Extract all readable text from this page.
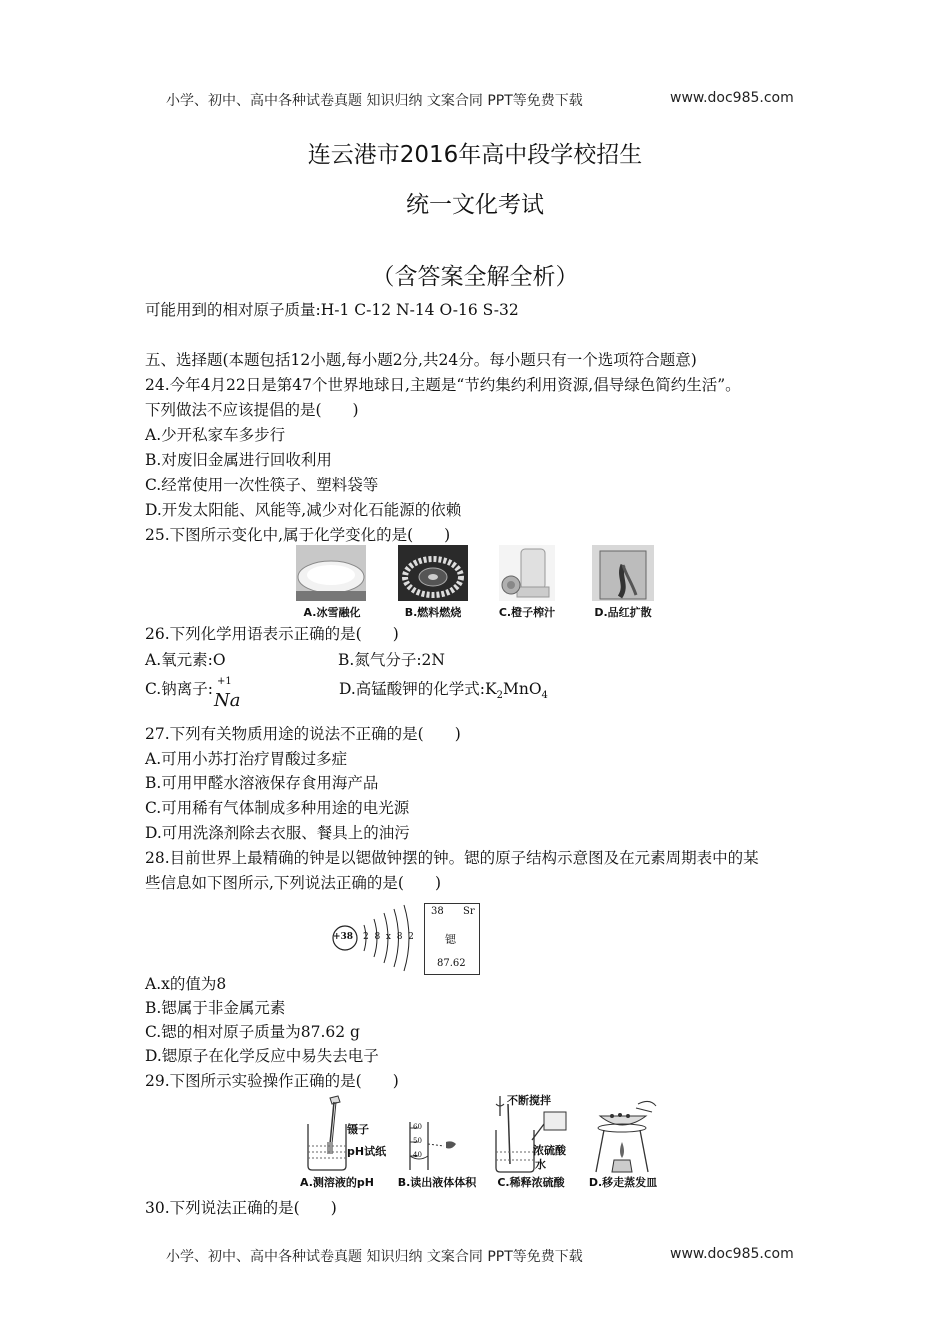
小学、初中、高中各种试卷真题 知识归纳 文案合同 PPT等免费下载	www.doc985.com
连云港市2016年高中段学校招生
统一文化考试
（含答案全解全析）
可能用到的相对原子质量:H-1 C-12 N-14 O-16 S-32
五、选择题(本题包括12小题,每小题2分,共24分。每小题只有一个选项符合题意)
24.今年4月22日是第47个世界地球日,主题是“节约集约利用资源,倡导绿色简约生活”。
下列做法不应该提倡的是(　　)
A.少开私家车多步行
B.对废旧金属进行回收利用
C.经常使用一次性筷子、塑料袋等
D.开发太阳能、风能等,减少对化石能源的依赖
25.下图所示变化中,属于化学变化的是(　　)
A.冰雪融化	B.燃料燃烧	C.橙子榨汁	D.品红扩散
26.下列化学用语表示正确的是(　　)
A.氧元素:O	B.氮气分子:2N
C.钠离子: +1
Na
D.高锰酸钾的化学式$:K_2MnO_4$
27.下列有关物质用途的说法不正确的是(　　)
A.可用小苏打治疗胃酸过多症
B.可用甲醛水溶液保存食用海产品
C.可用稀有气体制成多种用途的电光源
D.可用洗涤剂除去衣服、餐具上的油污
28.目前世界上最精确的钟是以锶做钟摆的钟。锶的原子结构示意图及在元素周期表中的某
些信息如下图所示,下列说法正确的是(　　)
+38 2  8  x  8  2
38 Sr
锶
87.62
A.x的值为8
B.锶属于非金属元素
C.锶的相对原子质量为87.62 g
D.锶原子在化学反应中易失去电子
29.下图所示实验操作正确的是(　　)
镊子
pH试纸
60
50
40
不断搅拌
浓硫酸
水
A.测溶液的pH	B.读出液体体积	C.稀释浓硫酸	D.移走蒸发皿
30.下列说法正确的是(　　)
小学、初中、高中各种试卷真题 知识归纳 文案合同 PPT等免费下载	www.doc985.com
